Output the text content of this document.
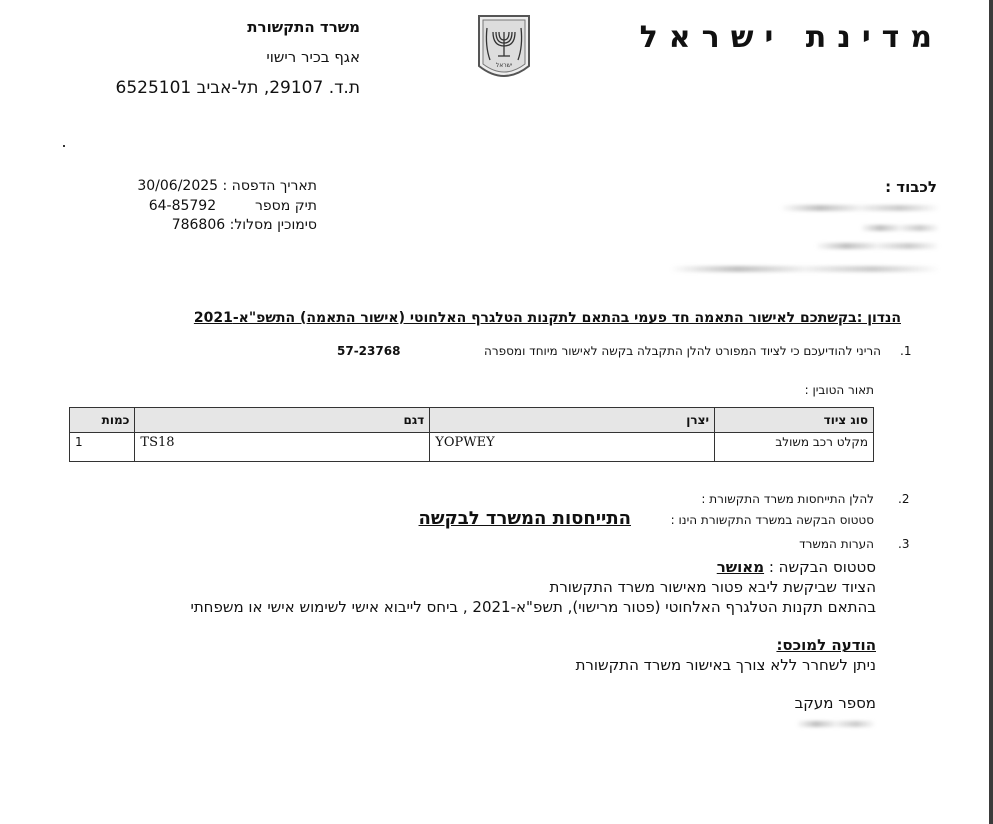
מדינת ישראל
ישראל
משרד התקשורת
אגף בכיר רישוי
ת.ד. 29107, תל-אביב 6525101
תאריך הדפסה : 30/06/2025
תיק מספר  64-85792
סימוכין מסלול: 786806
לכבוד :
הנדון :בקשתכם לאישור התאמה חד פעמי בהתאם לתקנות הטלגרף האלחוטי (אישור התאמה) התשפ"א-2021
.1
הריני להודיעכם כי לציוד המפורט להלן התקבלה בקשה לאישור מיוחד ומספרה
57-23768
תאור הטובין :
סוג ציוד	יצרן	דגם	כמות
מקלט רכב משולב	YOPWEY	TS18	1
.2
להלן התייחסות משרד התקשורת :
סטטוס הבקשה במשרד התקשורת הינו :
התייחסות המשרד לבקשה
.3
הערות המשרד
סטטוס הבקשה : מאושר
הציוד שביקשת ליבא פטור מאישור משרד התקשורת
בהתאם תקנות הטלגרף האלחוטי (פטור מרישוי), תשפ"א-2021 , ביחס לייבוא אישי לשימוש אישי או משפחתי
הודעה למוכס:
ניתן לשחרר ללא צורך באישור משרד התקשורת
מספר מעקב
